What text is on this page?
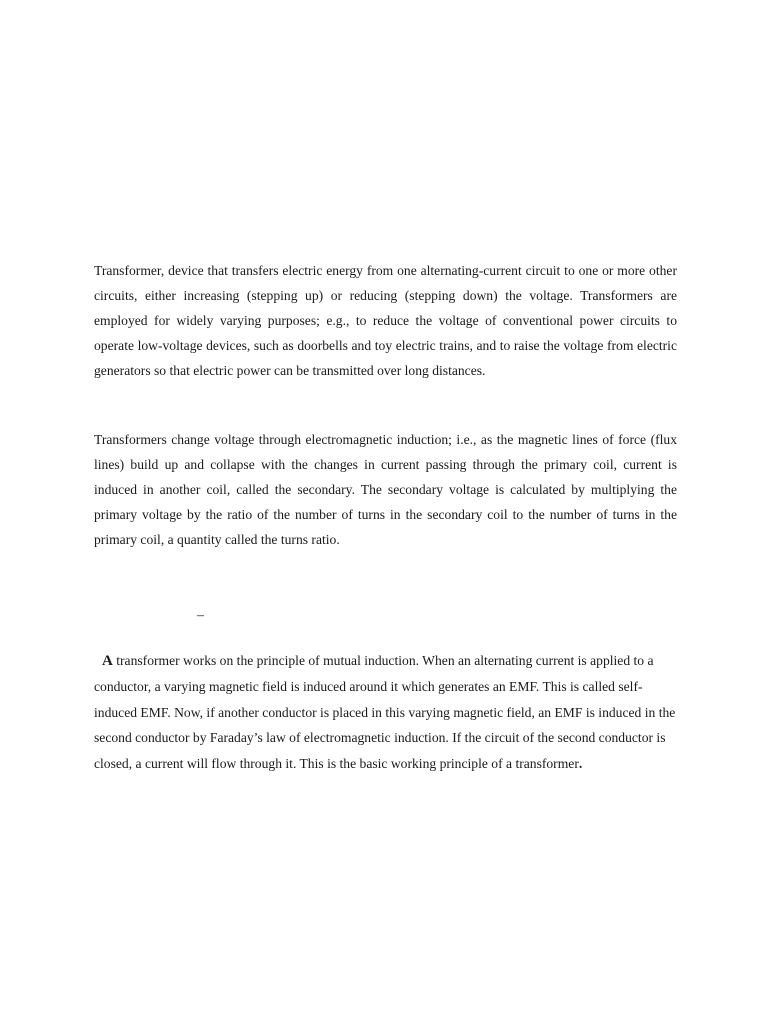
Transformer, device that transfers electric energy from one alternating-current circuit to one or more other circuits, either increasing (stepping up) or reducing (stepping down) the voltage. Transformers are employed for widely varying purposes; e.g., to reduce the voltage of conventional power circuits to operate low-voltage devices, such as doorbells and toy electric trains, and to raise the voltage from electric generators so that electric power can be transmitted over long distances.

Transformers change voltage through electromagnetic induction; i.e., as the magnetic lines of force (flux lines) build up and collapse with the changes in current passing through the primary coil, current is induced in another coil, called the secondary. The secondary voltage is calculated by multiplying the primary voltage by the ratio of the number of turns in the secondary coil to the number of turns in the primary coil, a quantity called the turns ratio.

–

A transformer works on the principle of mutual induction. When an alternating current is applied to a conductor, a varying magnetic field is induced around it which generates an EMF. This is called self-induced EMF. Now, if another conductor is placed in this varying magnetic field, an EMF is induced in the second conductor by Faraday’s law of electromagnetic induction. If the circuit of the second conductor is closed, a current will flow through it. This is the basic working principle of a transformer.
